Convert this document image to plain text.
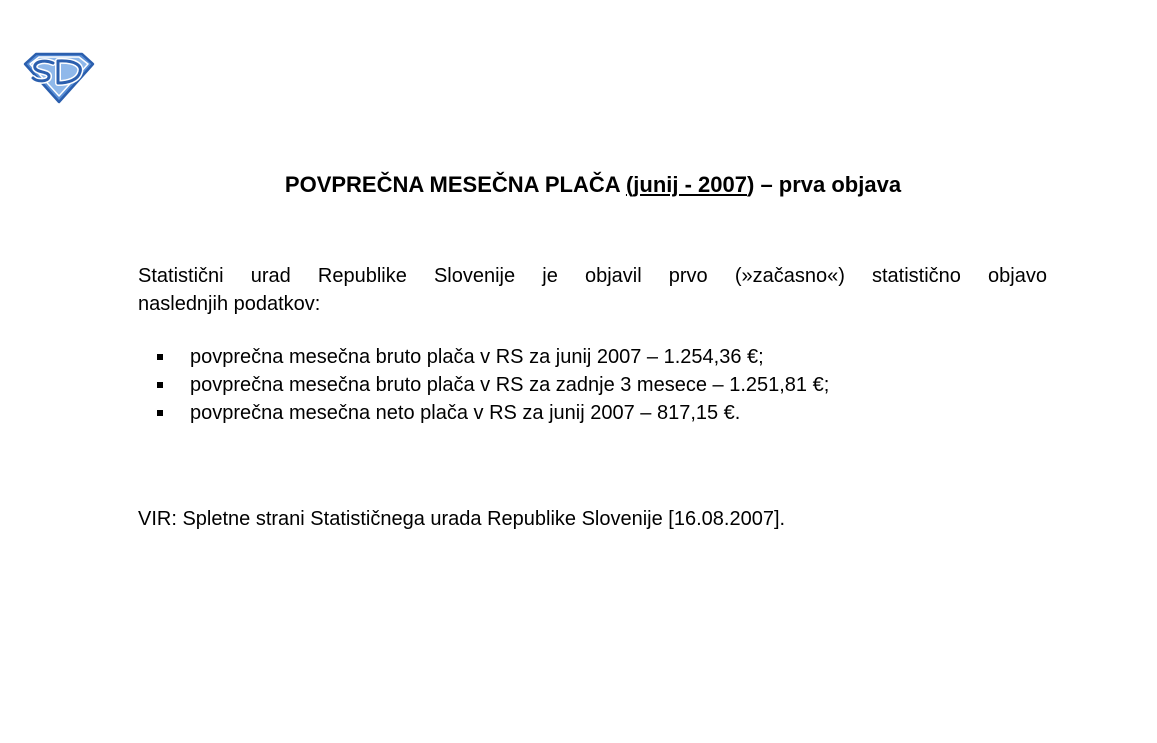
POVPREČNA MESEČNA PLAČA (junij - 2007) – prva objava

Statistični urad Republike Slovenije je objavil prvo (»začasno«) statistično objavo
naslednjih podatkov:

povprečna mesečna bruto plača v RS za junij 2007 – 1.254,36 €;
povprečna mesečna bruto plača v RS za zadnje 3 mesece – 1.251,81 €;
povprečna mesečna neto plača v RS za junij 2007 – 817,15 €.

VIR: Spletne strani Statističnega urada Republike Slovenije [16.08.2007].
